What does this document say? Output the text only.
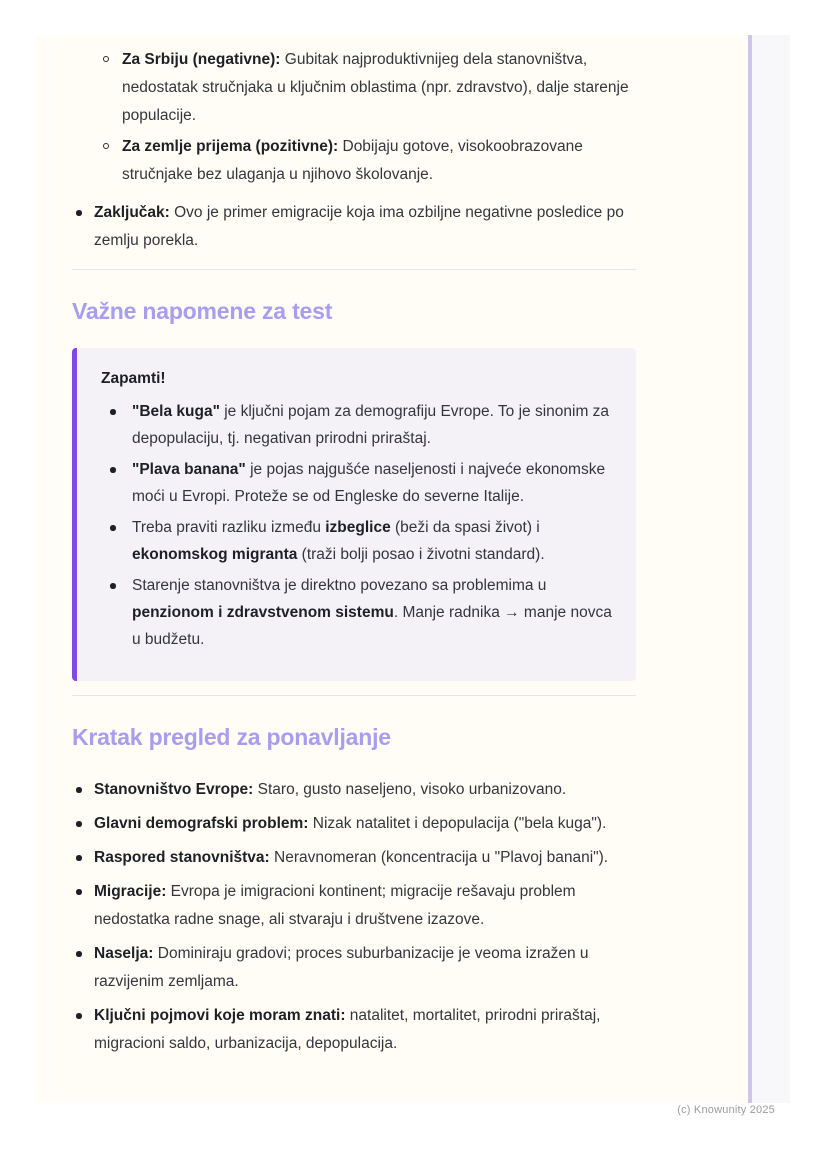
Za Srbiju (negativne): Gubitak najproduktivnijeg dela stanovništva, nedostatak stručnjaka u ključnim oblastima (npr. zdravstvo), dalje starenje populacije.
Za zemlje prijema (pozitivne): Dobijaju gotove, visokoobrazovane stručnjake bez ulaganja u njihovo školovanje.
Zaključak: Ovo je primer emigracije koja ima ozbiljne negativne posledice po zemlju porekla.
Važne napomene za test

Zapamti!

"Bela kuga" je ključni pojam za demografiju Evrope. To je sinonim za depopulaciju, tj. negativan prirodni priraštaj.
"Plava banana" je pojas najgušće naseljenosti i najveće ekonomske moći u Evropi. Proteže se od Engleske do severne Italije.
Treba praviti razliku između izbeglice (beži da spasi život) i ekonomskog migranta (traži bolji posao i životni standard).
Starenje stanovništva je direktno povezano sa problemima u penzionom i zdravstvenom sistemu. Manje radnika → manje novca u budžetu.
Kratak pregled za ponavljanje
Stanovništvo Evrope: Staro, gusto naseljeno, visoko urbanizovano.
Glavni demografski problem: Nizak natalitet i depopulacija ("bela kuga").
Raspored stanovništva: Neravnomeran (koncentracija u "Plavoj banani").
Migracije: Evropa je imigracioni kontinent; migracije rešavaju problem nedostatka radne snage, ali stvaraju i društvene izazove.
Naselja: Dominiraju gradovi; proces suburbanizacije je veoma izražen u razvijenim zemljama.
Ključni pojmovi koje moram znati: natalitet, mortalitet, prirodni priraštaj, migracioni saldo, urbanizacija, depopulacija.
(c) Knowunity 2025
